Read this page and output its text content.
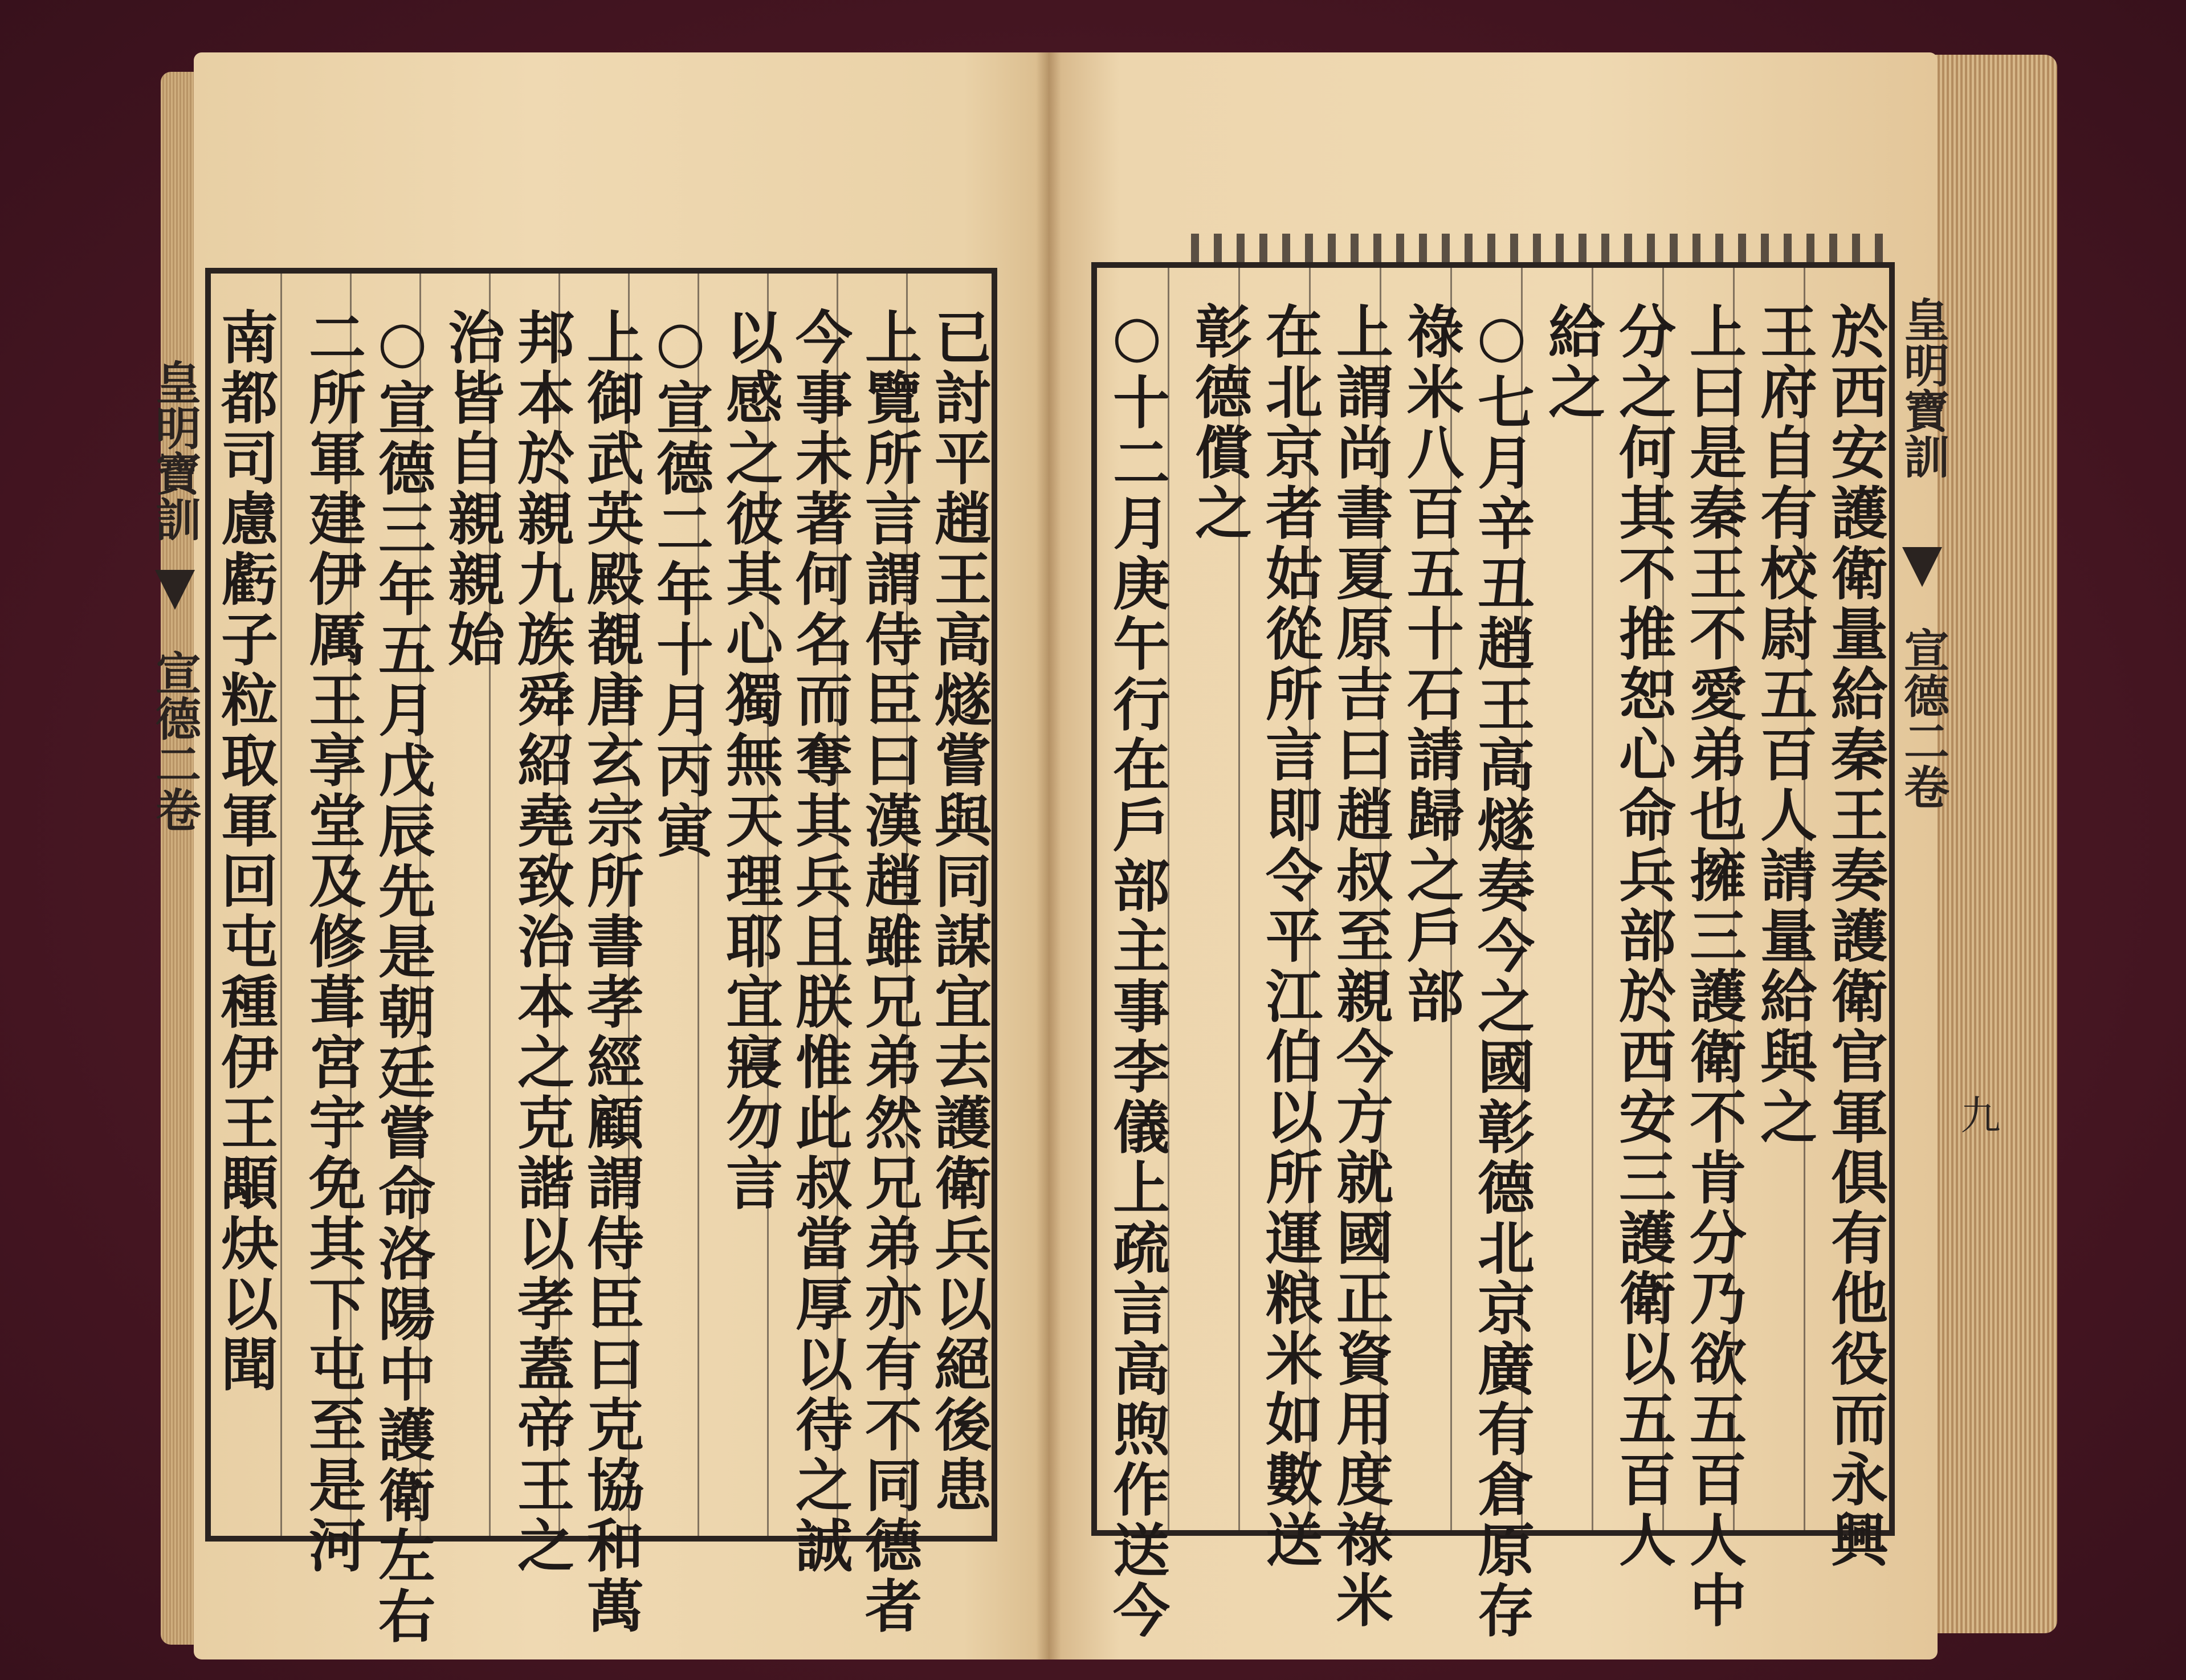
已討平趙王高燧嘗與同謀宜去護衛兵以絕後患
上覽所言謂侍臣曰漢趙雖兄弟然兄弟亦有不同德者
今事未著何名而奪其兵且朕惟此叔當厚以待之誠
以感之彼其心獨無天理耶宜寢勿言
○宣德二年十月丙寅
上御武英殿覩唐玄宗所書孝經顧謂侍臣曰克協和萬
邦本於親九族舜紹堯致治本之克諧以孝蓋帝王之
治皆自親親始
○宣德三年五月戊辰先是朝廷嘗命洛陽中護衛左右
二所軍建伊厲王享堂及修葺宮宇免其下屯至是河
南都司慮虧子粒取軍回屯種伊王顒炔以聞
皇明寶訓
宣德二卷	於西安護衛量給秦王奏護衛官軍俱有他役而永興
王府自有校尉五百人請量給與之
上曰是秦王不愛弟也擁三護衛不肯分乃欲五百人中
分之何其不推恕心命兵部於西安三護衛以五百人
給之
○七月辛丑趙王高燧奏今之國彰德北京廣有倉原存
祿米八百五十石請歸之戶部
上謂尚書夏原吉曰趙叔至親今方就國正資用度祿米
在北京者姑從所言即令平江伯以所運粮米如數送
彰德償之
○十二月庚午行在戶部主事李儀上疏言高煦作送今	皇明寶訓
宣德二卷
九
